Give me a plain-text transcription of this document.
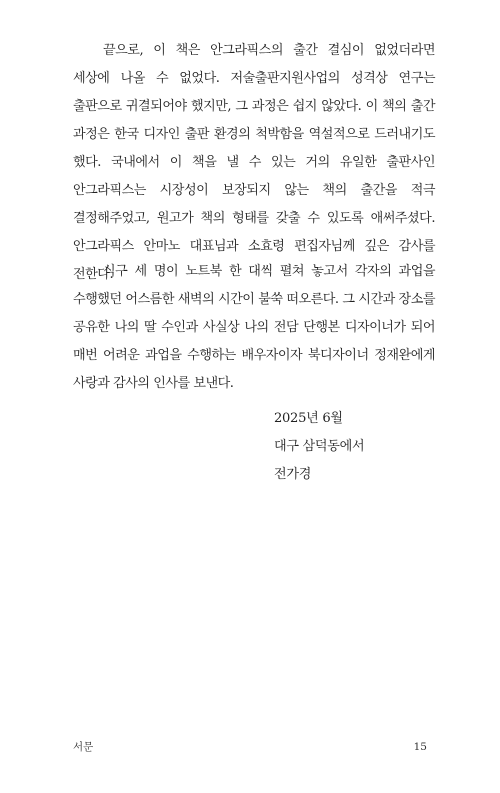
끝으로, 이 책은 안그라픽스의 출간 결심이 없었더라면 세상에 나올 수 없었다. 저술출판지원사업의 성격상 연구는 출판으로 귀결되어야 했지만, 그 과정은 쉽지 않았다. 이 책의 출간 과정은 한국 디자인 출판 환경의 척박함을 역설적으로 드러내기도 했다. 국내에서 이 책을 낼 수 있는 거의 유일한 출판사인 안그라픽스는 시장성이 보장되지 않는 책의 출간을 적극 결정해주었고, 원고가 책의 형태를 갖출 수 있도록 애써주셨다. 안그라픽스 안마노 대표님과 소효령 편집자님께 깊은 감사를 전한다.

식구 세 명이 노트북 한 대씩 펼쳐 놓고서 각자의 과업을 수행했던 어스름한 새벽의 시간이 불쑥 떠오른다. 그 시간과 장소를 공유한 나의 딸 수인과 사실상 나의 전담 단행본 디자이너가 되어 매번 어려운 과업을 수행하는 배우자이자 북디자이너 정재완에게 사랑과 감사의 인사를 보낸다.

2025년 6월
대구 삼덕동에서
전가경
서문	15
